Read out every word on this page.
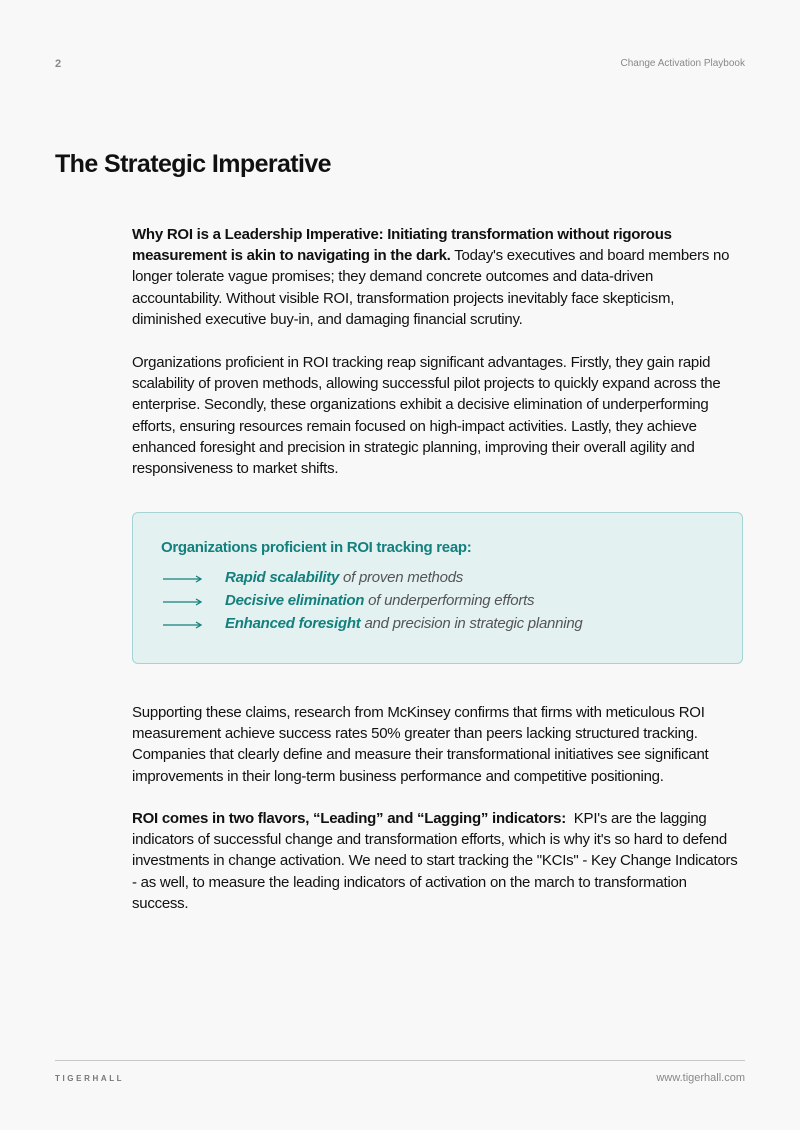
2	Change Activation Playbook
The Strategic Imperative

Why ROI is a Leadership Imperative: Initiating transformation without rigorous measurement is akin to navigating in the dark. Today's executives and board members no longer tolerate vague promises; they demand concrete outcomes and data-driven accountability. Without visible ROI, transformation projects inevitably face skepticism, diminished executive buy-in, and damaging financial scrutiny.

Organizations proficient in ROI tracking reap significant advantages. Firstly, they gain rapid scalability of proven methods, allowing successful pilot projects to quickly expand across the enterprise. Secondly, these organizations exhibit a decisive elimination of underperforming efforts, ensuring resources remain focused on high-impact activities. Lastly, they achieve enhanced foresight and precision in strategic planning, improving their overall agility and responsiveness to market shifts.

Organizations proficient in ROI tracking reap:
Rapid scalability of proven methods
Decisive elimination of underperforming efforts
Enhanced foresight and precision in strategic planning

Supporting these claims, research from McKinsey confirms that firms with meticulous ROI measurement achieve success rates 50% greater than peers lacking structured tracking. Companies that clearly define and measure their transformational initiatives see significant improvements in their long-term business performance and competitive positioning.

ROI comes in two flavors, “Leading” and “Lagging” indicators:  KPI's are the lagging indicators of successful change and transformation efforts, which is why it's so hard to defend investments in change activation. We need to start tracking the "KCIs" - Key Change Indicators - as well, to measure the leading indicators of activation on the march to transformation success.

TIGERHALL	www.tigerhall.com
